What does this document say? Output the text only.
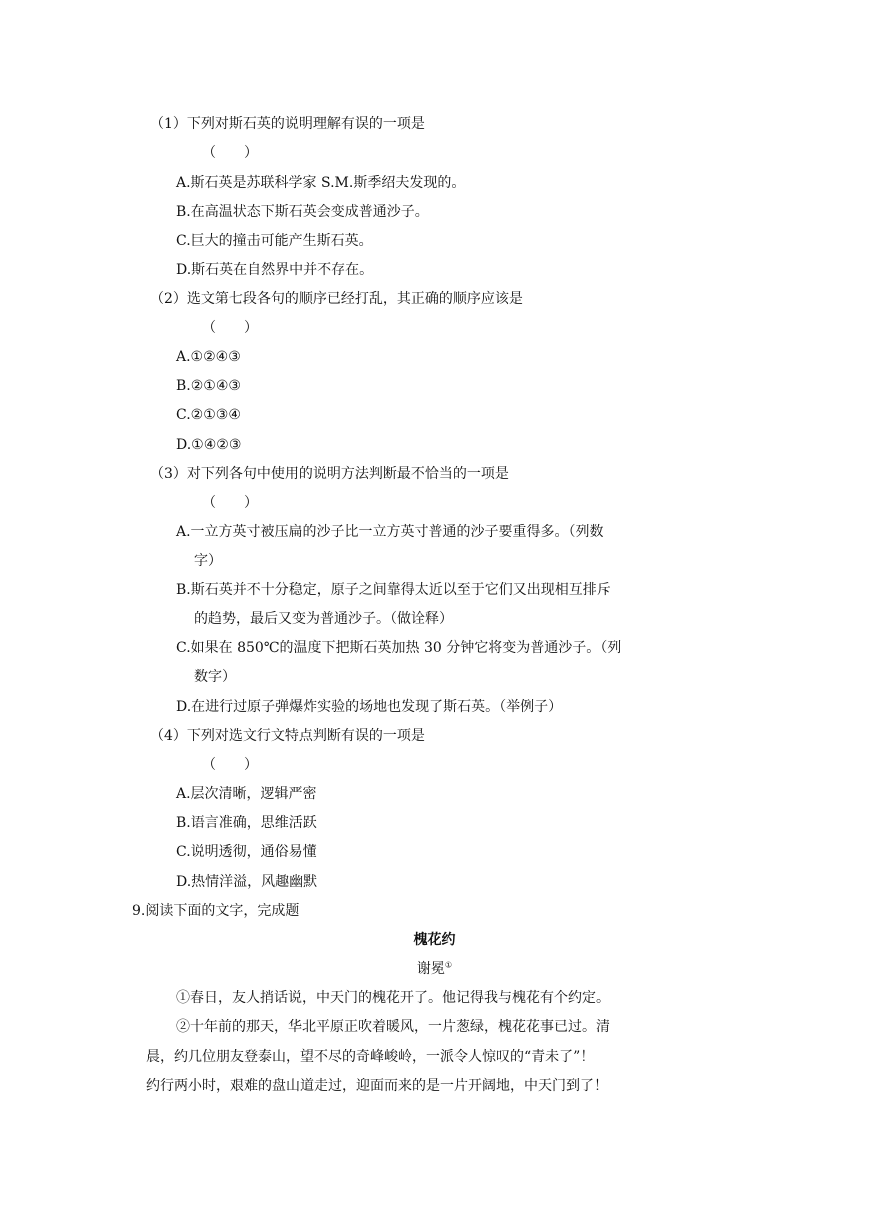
（1）下列对斯石英的说明理解有误的一项是
（　　）
A.斯石英是苏联科学家 S.M.斯季绍夫发现的。
B.在高温状态下斯石英会变成普通沙子。
C.巨大的撞击可能产生斯石英。
D.斯石英在自然界中并不存在。
（2）选文第七段各句的顺序已经打乱，其正确的顺序应该是
（　　）
A.①②④③
B.②①④③
C.②①③④
D.①④②③
（3）对下列各句中使用的说明方法判断最不恰当的一项是
（　　）
A.一立方英寸被压扁的沙子比一立方英寸普通的沙子要重得多。（列数
字）
B.斯石英并不十分稳定，原子之间靠得太近以至于它们又出现相互排斥
的趋势，最后又变为普通沙子。（做诠释）
C.如果在 850℃的温度下把斯石英加热 30 分钟它将变为普通沙子。（列
数字）
D.在进行过原子弹爆炸实验的场地也发现了斯石英。（举例子）
（4）下列对选文行文特点判断有误的一项是
（　　）
A.层次清晰，逻辑严密
B.语言准确，思维活跃
C.说明透彻，通俗易懂
D.热情洋溢，风趣幽默
9.阅读下面的文字，完成题
槐花约
谢冕①
①春日，友人捎话说，中天门的槐花开了。他记得我与槐花有个约定。
②十年前的那天，华北平原正吹着暖风，一片葱绿，槐花花事已过。清
晨，约几位朋友登泰山，望不尽的奇峰峻岭，一派令人惊叹的“青未了”！
约行两小时，艰难的盘山道走过，迎面而来的是一片开阔地，中天门到了！
